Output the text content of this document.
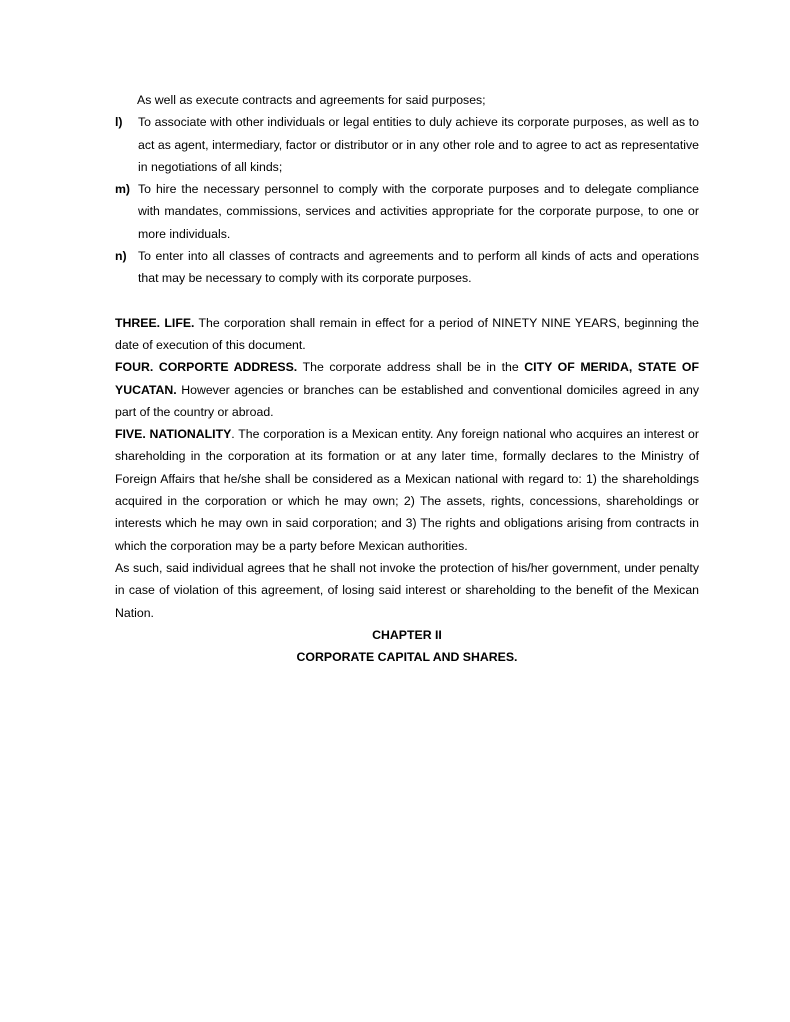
As well as execute contracts and agreements for said purposes;

l) To associate with other individuals or legal entities to duly achieve its corporate purposes, as well as to act as agent, intermediary, factor or distributor or in any other role and to agree to act as representative in negotiations of all kinds;
m) To hire the necessary personnel to comply with the corporate purposes and to delegate compliance with mandates, commissions, services and activities appropriate for the corporate purpose, to one or more individuals.
n) To enter into all classes of contracts and agreements and to perform all kinds of acts and operations that may be necessary to comply with its corporate purposes.

THREE. LIFE. The corporation shall remain in effect for a period of NINETY NINE YEARS, beginning the date of execution of this document.

FOUR. CORPORTE ADDRESS. The corporate address shall be in the CITY OF MERIDA, STATE OF YUCATAN. However agencies or branches can be established and conventional domiciles agreed in any part of the country or abroad.

FIVE. NATIONALITY. The corporation is a Mexican entity. Any foreign national who acquires an interest or shareholding in the corporation at its formation or at any later time, formally declares to the Ministry of Foreign Affairs that he/she shall be considered as a Mexican national with regard to: 1) the shareholdings acquired in the corporation or which he may own; 2) The assets, rights, concessions, shareholdings or interests which he may own in said corporation; and 3) The rights and obligations arising from contracts in which the corporation may be a party before Mexican authorities.

As such, said individual agrees that he shall not invoke the protection of his/her government, under penalty in case of violation of this agreement, of losing said interest or shareholding to the benefit of the Mexican Nation.

CHAPTER II

CORPORATE CAPITAL AND SHARES.
